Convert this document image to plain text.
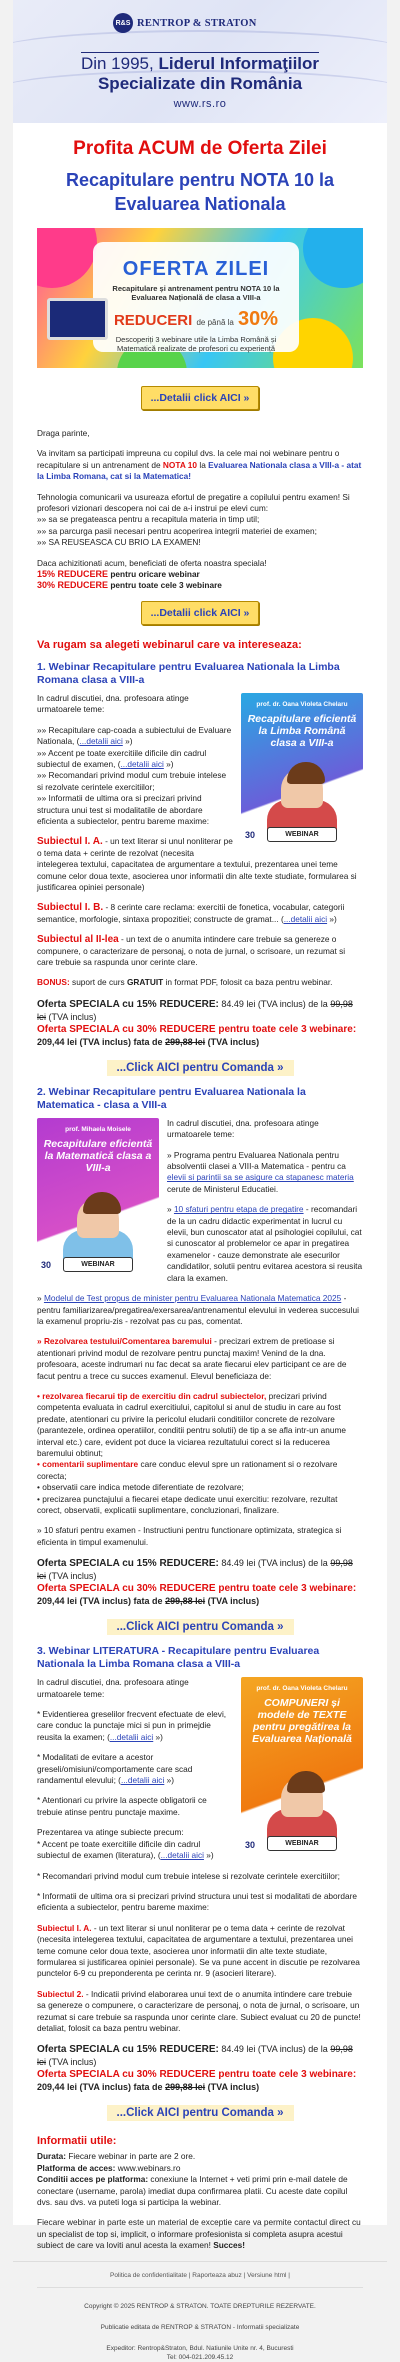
R&S RENTROP & STRATON
Din 1995, Liderul Informaţiilor
Specializate din România
www.rs.ro
Profita ACUM de Oferta Zilei
Recapitulare pentru NOTA 10 la Evaluarea Nationala
OFERTA ZILEI
Recapitulare și antrenament pentru NOTA 10 la Evaluarea Națională de clasa a VIII-a
REDUCERI de până la 30%
Descoperiți 3 webinare utile la Limba Română și Matematică realizate de profesori cu experiență
...Detalii click AICI »

Draga parinte,

Va invitam sa participati impreuna cu copilul dvs. la cele mai noi webinare pentru o recapitulare si un antrenament de NOTA 10 la Evaluarea Nationala clasa a VIII-a - atat la Limba Romana, cat si la Matematica!

Tehnologia comunicarii va usureaza efortul de pregatire a copilului pentru examen! Si profesori vizionari descopera noi cai de a-i instrui pe elevi cum:
»» sa se pregateasca pentru a recapitula materia in timp util;
»» sa parcurga pasii necesari pentru acoperirea integrii materiei de examen;
»» SA REUSEASCA CU BRIO LA EXAMEN!

Daca achizitionati acum, beneficiati de oferta noastra speciala!
15% REDUCERE pentru oricare webinar
30% REDUCERE pentru toate cele 3 webinare

...Detalii click AICI »
Va rugam sa alegeti webinarul care va intereseaza:
1. Webinar Recapitulare pentru Evaluarea Nationala la Limba Romana clasa a VIII-a
prof. dr. Oana Violeta Chelaru
Recapitulare eficientă la Limba Română clasa a VIII-a
WEBINAR
30

In cadrul discutiei, dna. profesoara atinge urmatoarele teme:

»» Recapitulare cap-coada a subiectului de Evaluare Nationala, (...detalii aici »)
»» Accent pe toate exercitiile dificile din cadrul subiectul de examen, (...detalii aici »)
»» Recomandari privind modul cum trebuie intelese si rezolvate cerintele exercitiilor;
»» Informatii de ultima ora si precizari privind structura unui test si modalitatile de abordare eficienta a subiectelor, pentru bareme maxime:

Subiectul I. A. - un text literar si unul nonliterar pe o tema data + cerinte de rezolvat (necesita intelegerea textului, capacitatea de argumentare a textului, prezentarea unei teme comune celor doua texte, asocierea unor informatii din alte texte studiate, formularea si justificarea opiniei personale)

Subiectul I. B. - 8 cerinte care reclama: exercitii de fonetica, vocabular, categorii semantice, morfologie, sintaxa propozitiei; constructe de gramat... (...detalii aici »)

Subiectul al II-lea - un text de o anumita intindere care trebuie sa genereze o compunere, o caracterizare de personaj, o nota de jurnal, o scrisoare, un rezumat si care trebuie sa raspunda unor cerinte clare.

BONUS: suport de curs GRATUIT in format PDF, folosit ca baza pentru webinar.

Oferta SPECIALA cu 15% REDUCERE: 84.49 lei (TVA inclus) de la 99,98 lei (TVA inclus)
Oferta SPECIALA cu 30% REDUCERE pentru toate cele 3 webinare: 209,44 lei (TVA inclus) fata de 299,88 lei (TVA inclus)
...Click AICI pentru Comanda »
2. Webinar Recapitulare pentru Evaluarea Nationala la Matematica - clasa a VIII-a
prof. Mihaela Moisele
Recapitulare eficientă la Matematică clasa a VIII-a
WEBINAR
30

In cadrul discutiei, dna. profesoara atinge urmatoarele teme:

» Programa pentru Evaluarea Nationala pentru absolventii clasei a VIII-a Matematica - pentru ca elevii si parintii sa se asigure ca stapanesc materia cerute de Ministerul Educatiei.

» 10 sfaturi pentru etapa de pregatire - recomandari de la un cadru didactic experimentat in lucrul cu elevii, bun cunoscator atat al psihologiei copilului, cat si cunoscator al problemelor ce apar in pregatirea examenelor - cauze demonstrate ale esecurilor candidatilor, solutii pentru evitarea acestora si reusita clara la examen.

» Modelul de Test propus de minister pentru Evaluarea Nationala Matematica 2025 - pentru familiarizarea/pregatirea/exersarea/antrenamentul elevului in vederea succesului la examenul propriu-zis - rezolvat pas cu pas, comentat.

» Rezolvarea testului/Comentarea baremului - precizari extrem de pretioase si atentionari privind modul de rezolvare pentru punctaj maxim! Venind de la dna. profesoara, aceste indrumari nu fac decat sa arate fiecarui elev participant ce are de facut pentru a trece cu succes examenul. Elevul beneficiaza de:

• rezolvarea fiecarui tip de exercitiu din cadrul subiectelor, precizari privind competenta evaluata in cadrul exercitiului, capitolul si anul de studiu in care au fost predate, atentionari cu privire la pericolul eludarii conditiilor concrete de rezolvare (parantezele, ordinea operatiilor, conditii pentru solutii) de tip a se afla intr-un anume interval etc.) care, evident pot duce la viciarea rezultatului corect si la reducerea baremului obtinut;
• comentarii suplimentare care conduc elevul spre un rationament si o rezolvare corecta;
• observatii care indica metode diferentiate de rezolvare;
• precizarea punctajului a fiecarei etape dedicate unui exercitiu: rezolvare, rezultat corect, observatii, explicatii suplimentare, concluzionari, finalizare.

» 10 sfaturi pentru examen - Instructiuni pentru functionare optimizata, strategica si eficienta in timpul examenului.

Oferta SPECIALA cu 15% REDUCERE: 84.49 lei (TVA inclus) de la 99,98 lei (TVA inclus)
Oferta SPECIALA cu 30% REDUCERE pentru toate cele 3 webinare: 209,44 lei (TVA inclus) fata de 299,88 lei (TVA inclus)
...Click AICI pentru Comanda »
3. Webinar LITERATURA - Recapitulare pentru Evaluarea Nationala la Limba Romana clasa a VIII-a
prof. dr. Oana Violeta Chelaru
COMPUNERI și modele de TEXTE pentru pregătirea la Evaluarea Națională
WEBINAR
30

In cadrul discutiei, dna. profesoara atinge urmatoarele teme:

* Evidentierea greselilor frecvent efectuate de elevi, care conduc la punctaje mici si pun in primejdie reusita la examen; (...detalii aici »)

* Modalitati de evitare a acestor greseli/omisiuni/comportamente care scad randamentul elevului; (...detalii aici »)

* Atentionari cu privire la aspecte obligatorii ce trebuie atinse pentru punctaje maxime.

Prezentarea va atinge subiecte precum:
* Accent pe toate exercitiile dificile din cadrul subiectul de examen (literatura), (...detalii aici »)

* Recomandari privind modul cum trebuie intelese si rezolvate cerintele exercitiilor;

* Informatii de ultima ora si precizari privind structura unui test si modalitati de abordare eficienta a subiectelor, pentru bareme maxime:

Subiectul I. A. - un text literar si unul nonliterar pe o tema data + cerinte de rezolvat (necesita intelegerea textului, capacitatea de argumentare a textului, prezentarea unei teme comune celor doua texte, asocierea unor informatii din alte texte studiate, formularea si justificarea opiniei personale). Se va pune accent in discutie pe rezolvarea punctelor 6-9 cu preponderenta pe cerinta nr. 9 (asocieri literare).

Subiectul 2. - Indicatii privind elaborarea unui text de o anumita intindere care trebuie sa genereze o compunere, o caracterizare de personaj, o nota de jurnal, o scrisoare, un rezumat si care trebuie sa raspunda unor cerinte clare. Subiect evaluat cu 20 de puncte! detaliat, folosit ca baza pentru webinar.

Oferta SPECIALA cu 15% REDUCERE: 84.49 lei (TVA inclus) de la 99,98 lei (TVA inclus)
Oferta SPECIALA cu 30% REDUCERE pentru toate cele 3 webinare: 209,44 lei (TVA inclus) fata de 299,88 lei (TVA inclus)
...Click AICI pentru Comanda »
Informatii utile:

Durata: Fiecare webinar in parte are 2 ore.
Platforma de acces: www.webinars.ro
Conditii acces pe platforma: conexiune la Internet + veti primi prin e-mail datele de conectare (username, parola) imediat dupa confirmarea platii. Cu aceste date copilul dvs. sau dvs. va puteti loga si participa la webinar.

Fiecare webinar in parte este un material de exceptie care va permite contactul direct cu un specialist de top si, implicit, o informare profesionista si completa asupra acestui subiect de care va loviti anul acesta la examen! Succes!

Politica de confidentialitate | Raporteaza abuz | Versiune html |

Copyright © 2025 RENTROP & STRATON. TOATE DREPTURILE REZERVATE.

Publicatie editata de RENTROP & STRATON - Informatii specializate

Expeditor: Rentrop&Straton, Bdul. Natiunile Unite nr. 4, Bucuresti
Tel: 004-021.209.45.12
